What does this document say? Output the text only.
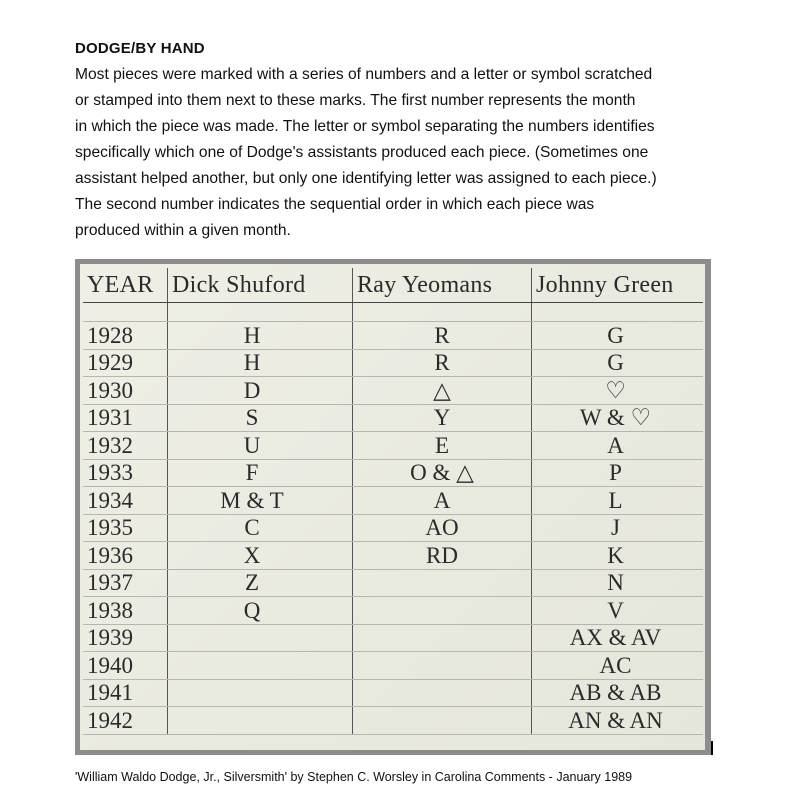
DODGE/BY HAND
Most pieces were marked with a series of numbers and a letter or symbol scratched
or stamped into them next to these marks. The first number represents the month
in which the piece was made. The letter or symbol separating the numbers identifies
specifically which one of Dodge's assistants produced each piece. (Sometimes one
assistant helped another, but only one identifying letter was assigned to each piece.)
The second number indicates the sequential order in which each piece was
produced within a given month.
YEAR	Dick Shuford	Ray Yeomans	Johnny Green

1928	H	R	G
1929	H	R	G
1930	D	△	♡
1931	S	Y	W & ♡
1932	U	E	A
1933	F	O & △	P
1934	M & T	A	L
1935	C	AO	J
1936	X	RD	K
1937	Z		N
1938	Q		V
1939			AX & AV
1940			AC
1941			AB & AB
1942			AN & AN
'William Waldo Dodge, Jr., Silversmith' by Stephen C. Worsley in Carolina Comments - January 1989
